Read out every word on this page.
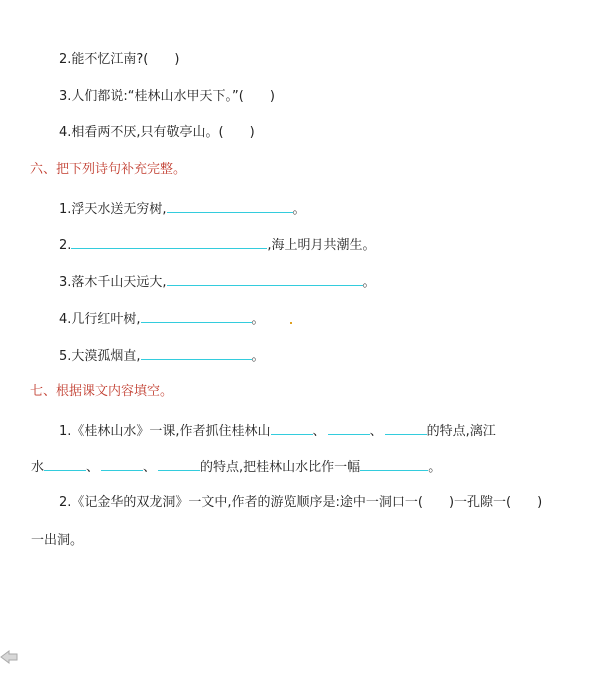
2.能不忆江南?(　　)
3.人们都说:“桂林山水甲天下。”(　　)
4.相看两不厌,只有敬亭山。(　　)
六、把下列诗句补充完整。
1.浮天水送无穷树,	。
2.	,海上明月共潮生。
3.落木千山天远大,	。
4.几行红叶树,	。
5.大漠孤烟直,	。
七、根据课文内容填空。
1.《桂林山水》一课,作者抓住桂林山	、	、	的特点,漓江
水	、	、	的特点,把桂林山水比作一幅	。
2.《记金华的双龙洞》一文中,作者的游览顺序是:途中一洞口一(　　)一孔隙一(　　)
一出洞。
